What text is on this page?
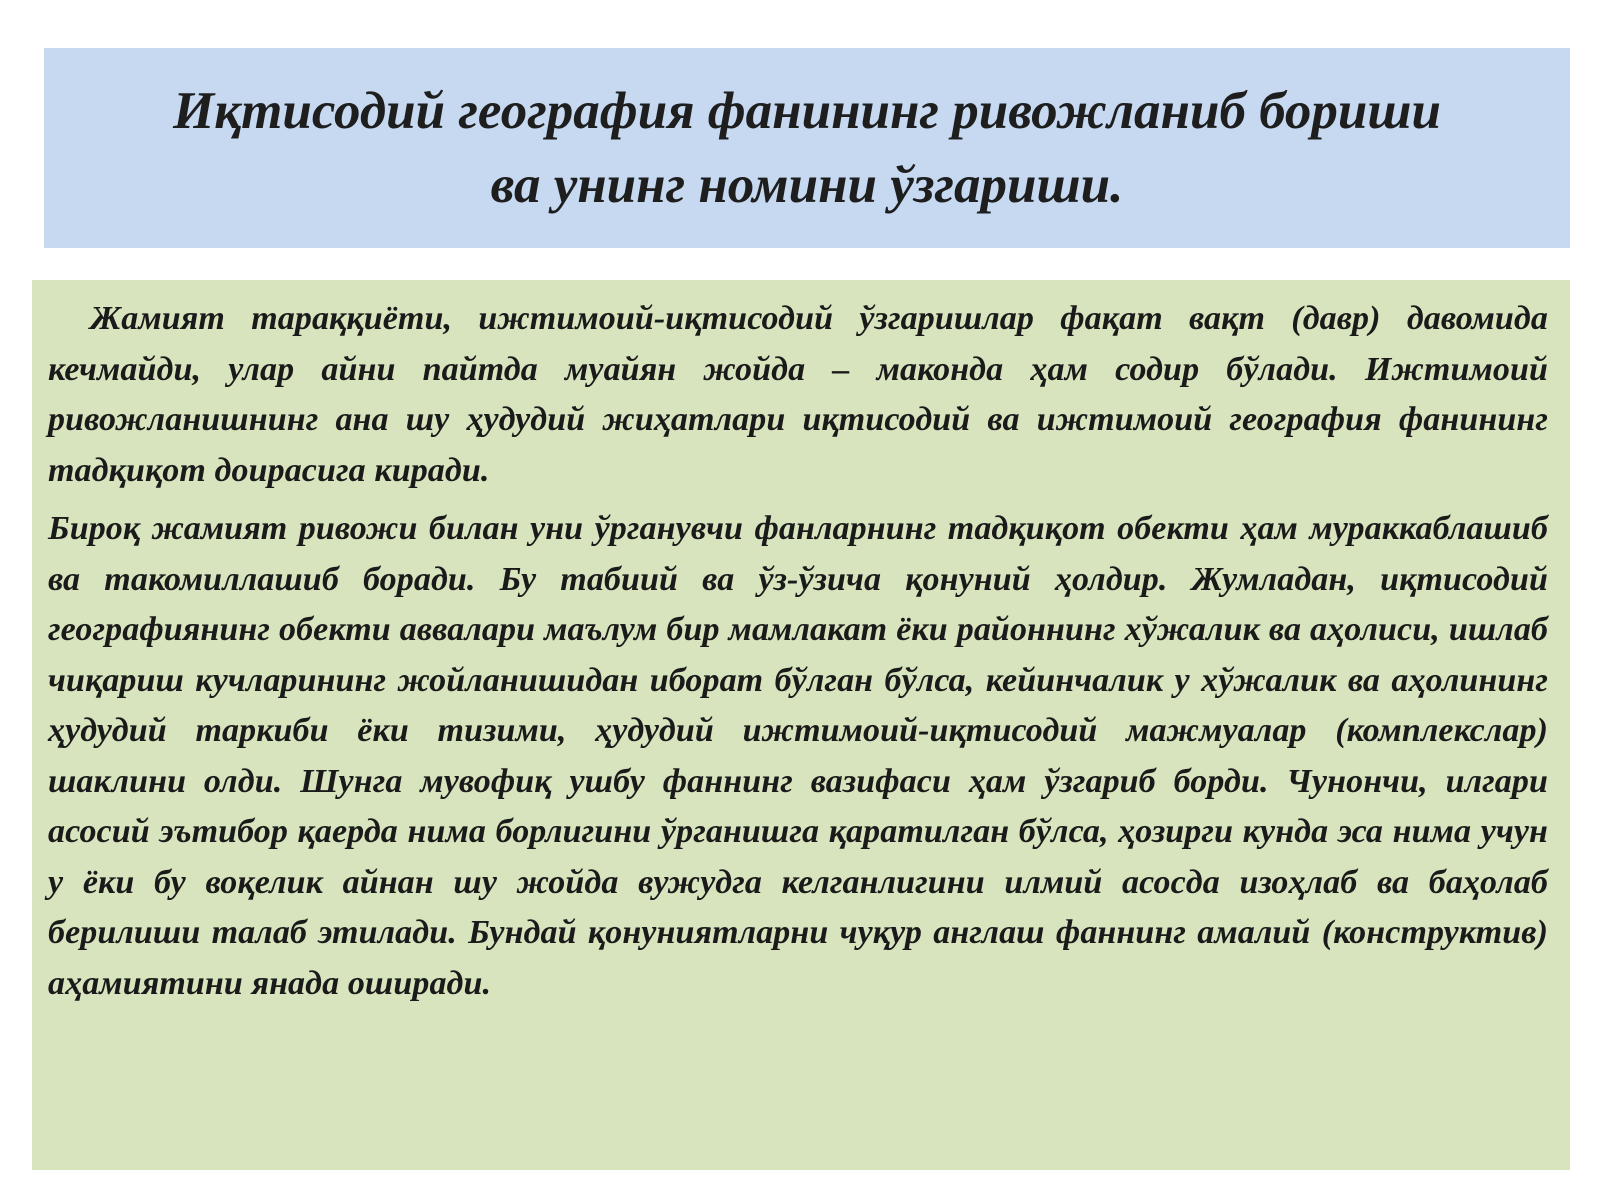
Иқтисодий география фанининг ривожланиб бориши
ва унинг номини ўзгариши.

Жамият тараққиёти, ижтимоий-иқтисодий ўзгаришлар фақат вақт (давр) давомида кечмайди, улар айни пайтда муайян жойда – маконда ҳам содир бўлади. Ижтимоий ривожланишнинг ана шу ҳудудий жиҳатлари иқтисодий ва ижтимоий география фанининг тадқиқот доирасига киради.

Бироқ жамият ривожи билан уни ўрганувчи фанларнинг тадқиқот обекти ҳам мураккаблашиб ва такомиллашиб боради. Бу табиий ва ўз-ўзича қонуний ҳолдир. Жумладан, иқтисодий географиянинг обекти аввалари маълум бир мамлакат ёки районнинг хўжалик ва аҳолиси, ишлаб чиқариш кучларининг жойланишидан иборат бўлган бўлса, кейинчалик у хўжалик ва аҳолининг ҳудудий таркиби ёки тизими, ҳудудий ижтимоий-иқтисодий мажмуалар (комплекслар) шаклини олди. Шунга мувофиқ ушбу фаннинг вазифаси ҳам ўзгариб борди. Чунончи, илгари асосий эътибор қаерда нима борлигини ўрганишга қаратилган бўлса, ҳозирги кунда эса нима учун у ёки бу воқелик айнан шу жойда вужудга келганлигини илмий асосда изоҳлаб ва баҳолаб берилиши талаб этилади. Бундай қонуниятларни чуқур англаш фаннинг амалий (конструктив) аҳамиятини янада оширади.
